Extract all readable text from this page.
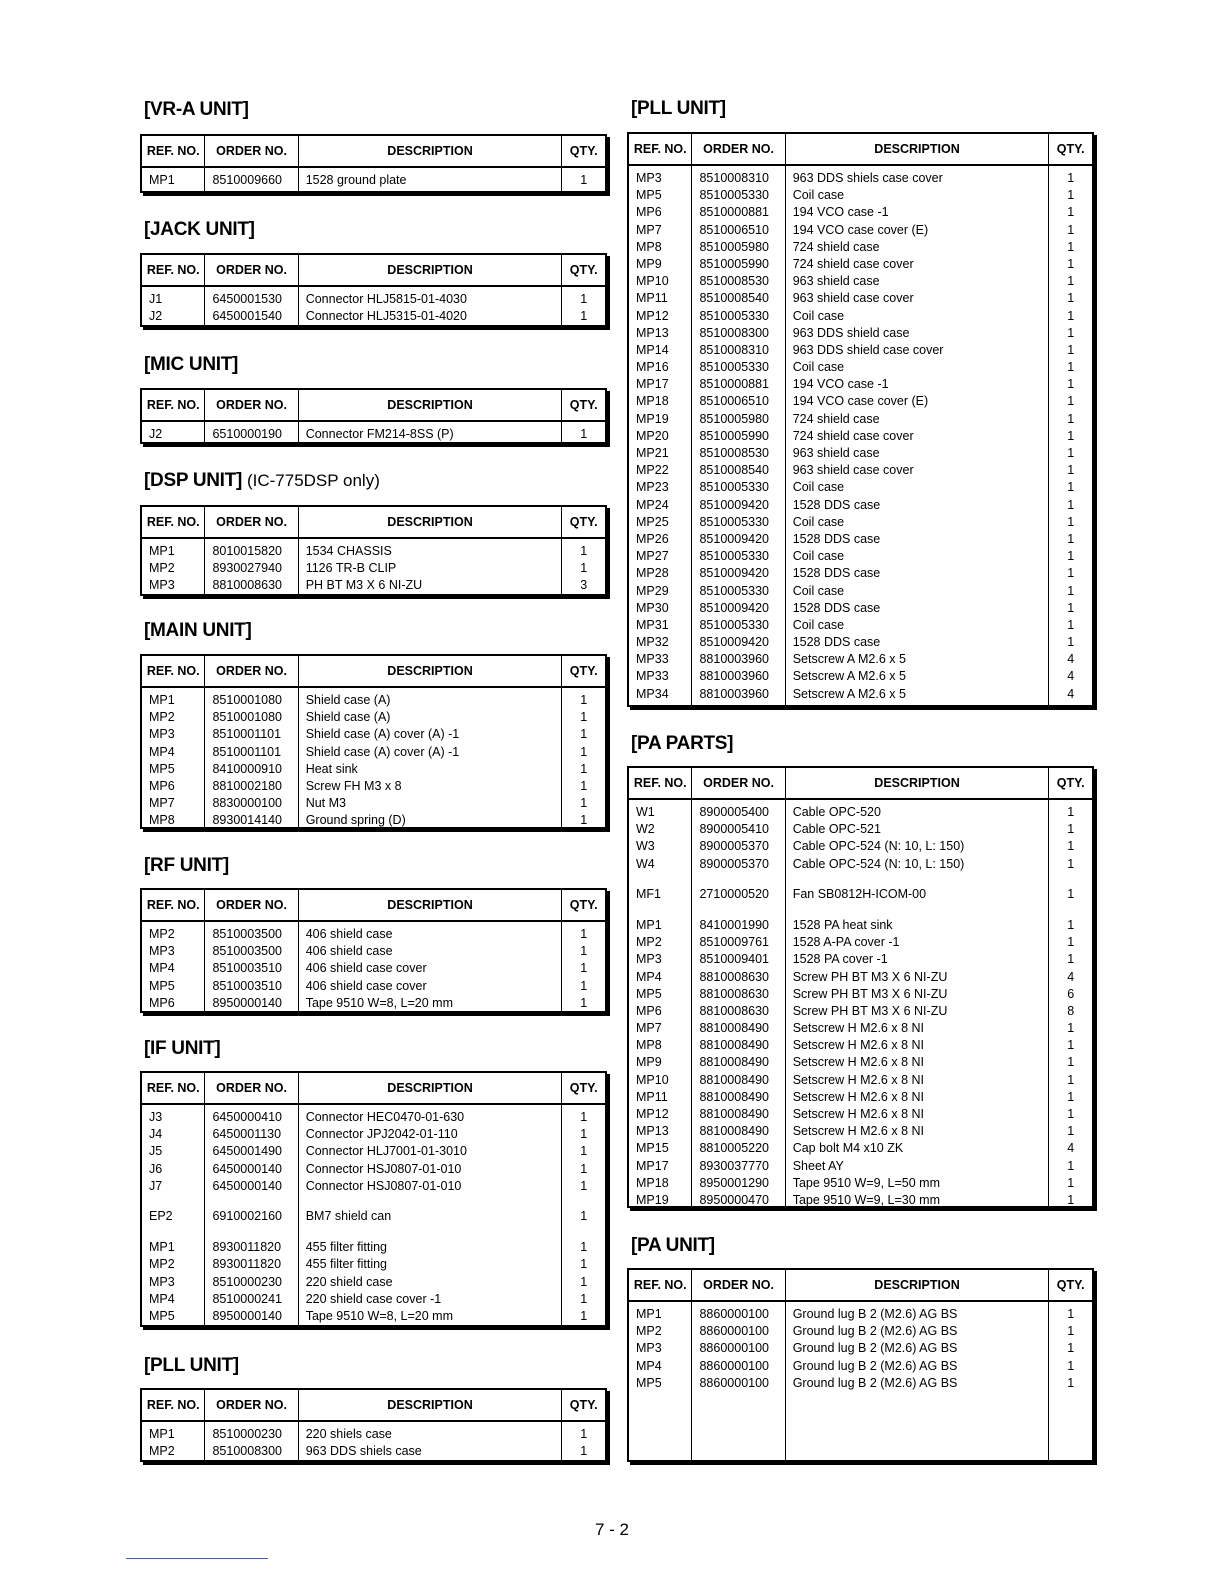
[VR-A UNIT]
REF. NO.	ORDER NO.	DESCRIPTION	QTY.
MP1	8510009660	1528 ground plate	1
[JACK UNIT]
REF. NO.	ORDER NO.	DESCRIPTION	QTY.
J1	6450001530	Connector HLJ5815-01-4030	1
J2	6450001540	Connector HLJ5315-01-4020	1
[MIC UNIT]
REF. NO.	ORDER NO.	DESCRIPTION	QTY.
J2	6510000190	Connector FM214-8SS (P)	1
[DSP UNIT] (IC-775DSP only)
REF. NO.	ORDER NO.	DESCRIPTION	QTY.
MP1	8010015820	1534 CHASSIS	1
MP2	8930027940	1126 TR-B CLIP	1
MP3	8810008630	PH BT M3 X 6 NI-ZU	3
[MAIN UNIT]
REF. NO.	ORDER NO.	DESCRIPTION	QTY.
MP1	8510001080	Shield case (A)	1
MP2	8510001080	Shield case (A)	1
MP3	8510001101	Shield case (A) cover (A) -1	1
MP4	8510001101	Shield case (A) cover (A) -1	1
MP5	8410000910	Heat sink	1
MP6	8810002180	Screw FH M3 x 8	1
MP7	8830000100	Nut M3	1
MP8	8930014140	Ground spring (D)	1
[RF UNIT]
REF. NO.	ORDER NO.	DESCRIPTION	QTY.
MP2	8510003500	406 shield case	1
MP3	8510003500	406 shield case	1
MP4	8510003510	406 shield case cover	1
MP5	8510003510	406 shield case cover	1
MP6	8950000140	Tape 9510 W=8, L=20 mm	1
[IF UNIT]
REF. NO.	ORDER NO.	DESCRIPTION	QTY.
J3	6450000410	Connector HEC0470-01-630	1
J4	6450001130	Connector JPJ2042-01-110	1
J5	6450001490	Connector HLJ7001-01-3010	1
J6	6450000140	Connector HSJ0807-01-010	1
J7	6450000140	Connector HSJ0807-01-010	1
EP2	6910002160	BM7 shield can	1
MP1	8930011820	455 filter fitting	1
MP2	8930011820	455 filter fitting	1
MP3	8510000230	220 shield case	1
MP4	8510000241	220 shield case cover -1	1
MP5	8950000140	Tape 9510 W=8, L=20 mm	1
[PLL UNIT]
REF. NO.	ORDER NO.	DESCRIPTION	QTY.
MP1	8510000230	220 shiels case	1
MP2	8510008300	963 DDS shiels case	1
[PLL UNIT]
REF. NO.	ORDER NO.	DESCRIPTION	QTY.
MP3	8510008310	963 DDS shiels case cover	1
MP5	8510005330	Coil case	1
MP6	8510000881	194 VCO case -1	1
MP7	8510006510	194 VCO case cover (E)	1
MP8	8510005980	724 shield case	1
MP9	8510005990	724 shield case cover	1
MP10	8510008530	963 shield case	1
MP11	8510008540	963 shield case cover	1
MP12	8510005330	Coil case	1
MP13	8510008300	963 DDS shield case	1
MP14	8510008310	963 DDS shield case cover	1
MP16	8510005330	Coil case	1
MP17	8510000881	194 VCO case -1	1
MP18	8510006510	194 VCO case cover (E)	1
MP19	8510005980	724 shield case	1
MP20	8510005990	724 shield case cover	1
MP21	8510008530	963 shield case	1
MP22	8510008540	963 shield case cover	1
MP23	8510005330	Coil case	1
MP24	8510009420	1528 DDS case	1
MP25	8510005330	Coil case	1
MP26	8510009420	1528 DDS case	1
MP27	8510005330	Coil case	1
MP28	8510009420	1528 DDS case	1
MP29	8510005330	Coil case	1
MP30	8510009420	1528 DDS case	1
MP31	8510005330	Coil case	1
MP32	8510009420	1528 DDS case	1
MP33	8810003960	Setscrew A M2.6 x 5	4
MP33	8810003960	Setscrew A M2.6 x 5	4
MP34	8810003960	Setscrew A M2.6 x 5	4
[PA PARTS]
REF. NO.	ORDER NO.	DESCRIPTION	QTY.
W1	8900005400	Cable OPC-520	1
W2	8900005410	Cable OPC-521	1
W3	8900005370	Cable OPC-524 (N: 10, L: 150)	1
W4	8900005370	Cable OPC-524 (N: 10, L: 150)	1
MF1	2710000520	Fan SB0812H-ICOM-00	1
MP1	8410001990	1528 PA heat sink	1
MP2	8510009761	1528 A-PA cover -1	1
MP3	8510009401	1528 PA cover -1	1
MP4	8810008630	Screw PH BT M3 X 6 NI-ZU	4
MP5	8810008630	Screw PH BT M3 X 6 NI-ZU	6
MP6	8810008630	Screw PH BT M3 X 6 NI-ZU	8
MP7	8810008490	Setscrew H M2.6 x 8 NI	1
MP8	8810008490	Setscrew H M2.6 x 8 NI	1
MP9	8810008490	Setscrew H M2.6 x 8 NI	1
MP10	8810008490	Setscrew H M2.6 x 8 NI	1
MP11	8810008490	Setscrew H M2.6 x 8 NI	1
MP12	8810008490	Setscrew H M2.6 x 8 NI	1
MP13	8810008490	Setscrew H M2.6 x 8 NI	1
MP15	8810005220	Cap bolt M4 x10 ZK	4
MP17	8930037770	Sheet AY	1
MP18	8950001290	Tape 9510 W=9, L=50 mm	1
MP19	8950000470	Tape 9510 W=9, L=30 mm	1
[PA UNIT]
REF. NO.	ORDER NO.	DESCRIPTION	QTY.
MP1	8860000100	Ground lug B 2 (M2.6) AG BS	1
MP2	8860000100	Ground lug B 2 (M2.6) AG BS	1
MP3	8860000100	Ground lug B 2 (M2.6) AG BS	1
MP4	8860000100	Ground lug B 2 (M2.6) AG BS	1
MP5	8860000100	Ground lug B 2 (M2.6) AG BS	1
7 - 2
